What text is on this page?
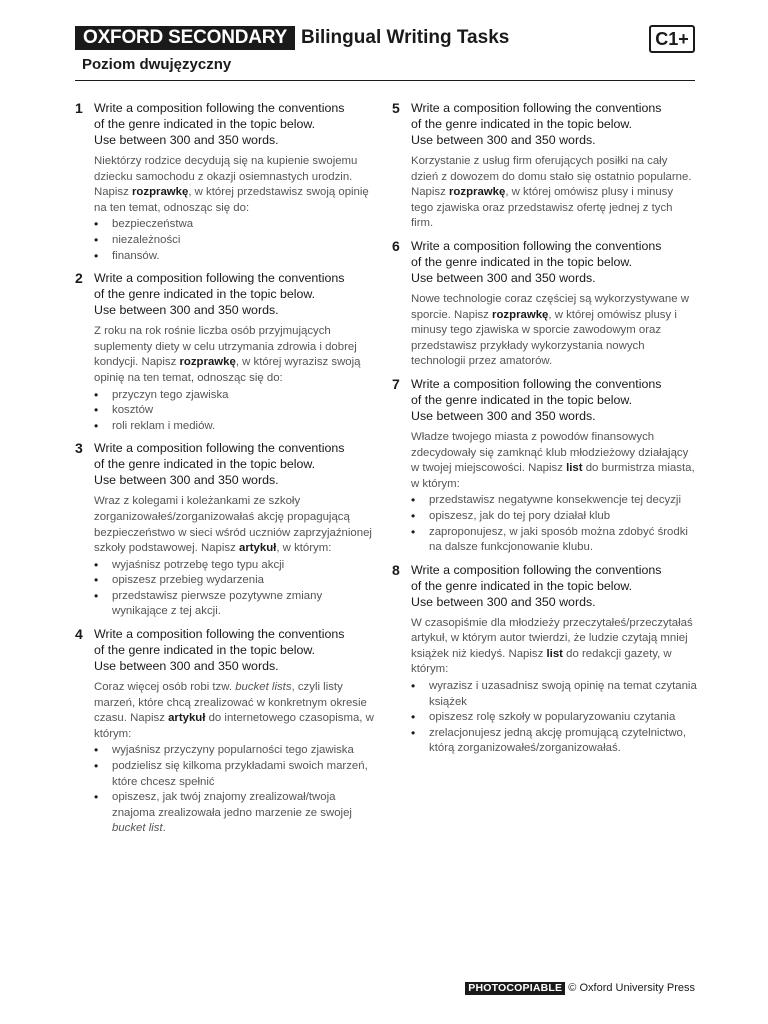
OXFORD SECONDARY Bilingual Writing Tasks	C1+
Poziom dwujęzyczny
1 Write a composition following the conventions
of the genre indicated in the topic below.
Use between 300 and 350 words.
Niektórzy rodzice decydują się na kupienie swojemu dziecku samochodu z okazji osiemnastych urodzin. Napisz rozprawkę, w której przedstawisz swoją opinię na ten temat, odnosząc się do:
• bezpieczeństwa
• niezależności
• finansów.
2 Write a composition following the conventions
of the genre indicated in the topic below.
Use between 300 and 350 words.
Z roku na rok rośnie liczba osób przyjmujących suplementy diety w celu utrzymania zdrowia i dobrej kondycji. Napisz rozprawkę, w której wyrazisz swoją opinię na ten temat, odnosząc się do:
• przyczyn tego zjawiska
• kosztów
• roli reklam i mediów.
3 Write a composition following the conventions
of the genre indicated in the topic below.
Use between 300 and 350 words.
Wraz z kolegami i koleżankami ze szkoły zorganizowałeś/zorganizowałaś akcję propagującą bezpieczeństwo w sieci wśród uczniów zaprzyjaźnionej szkoły podstawowej. Napisz artykuł, w którym:
• wyjaśnisz potrzebę tego typu akcji
• opiszesz przebieg wydarzenia
• przedstawisz pierwsze pozytywne zmiany wynikające z tej akcji.
4 Write a composition following the conventions
of the genre indicated in the topic below.
Use between 300 and 350 words.
Coraz więcej osób robi tzw. bucket lists, czyli listy marzeń, które chcą zrealizować w konkretnym okresie czasu. Napisz artykuł do internetowego czasopisma, w którym:
• wyjaśnisz przyczyny popularności tego zjawiska
• podzielisz się kilkoma przykładami swoich marzeń, które chcesz spełnić
• opiszesz, jak twój znajomy zrealizował/twoja znajoma zrealizowała jedno marzenie ze swojej bucket list.
5 Write a composition following the conventions
of the genre indicated in the topic below.
Use between 300 and 350 words.
Korzystanie z usług firm oferujących posiłki na cały dzień z dowozem do domu stało się ostatnio popularne. Napisz rozprawkę, w której omówisz plusy i minusy tego zjawiska oraz przedstawisz ofertę jednej z tych firm.
6 Write a composition following the conventions
of the genre indicated in the topic below.
Use between 300 and 350 words.
Nowe technologie coraz częściej są wykorzystywane w sporcie. Napisz rozprawkę, w której omówisz plusy i minusy tego zjawiska w sporcie zawodowym oraz przedstawisz przykłady wykorzystania nowych technologii przez amatorów.
7 Write a composition following the conventions
of the genre indicated in the topic below.
Use between 300 and 350 words.
Władze twojego miasta z powodów finansowych zdecydowały się zamknąć klub młodzieżowy działający w twojej miejscowości. Napisz list do burmistrza miasta, w którym:
• przedstawisz negatywne konsekwencje tej decyzji
• opiszesz, jak do tej pory działał klub
• zaproponujesz, w jaki sposób można zdobyć środki na dalsze funkcjonowanie klubu.
8 Write a composition following the conventions
of the genre indicated in the topic below.
Use between 300 and 350 words.
W czasopiśmie dla młodzieży przeczytałeś/przeczytałaś artykuł, w którym autor twierdzi, że ludzie czytają mniej książek niż kiedyś. Napisz list do redakcji gazety, w którym:
• wyrazisz i uzasadnisz swoją opinię na temat czytania książek
• opiszesz rolę szkoły w popularyzowaniu czytania
• zrelacjonujesz jedną akcję promującą czytelnictwo, którą zorganizowałeś/zorganizowałaś.
PHOTOCOPIABLE © Oxford University Press
